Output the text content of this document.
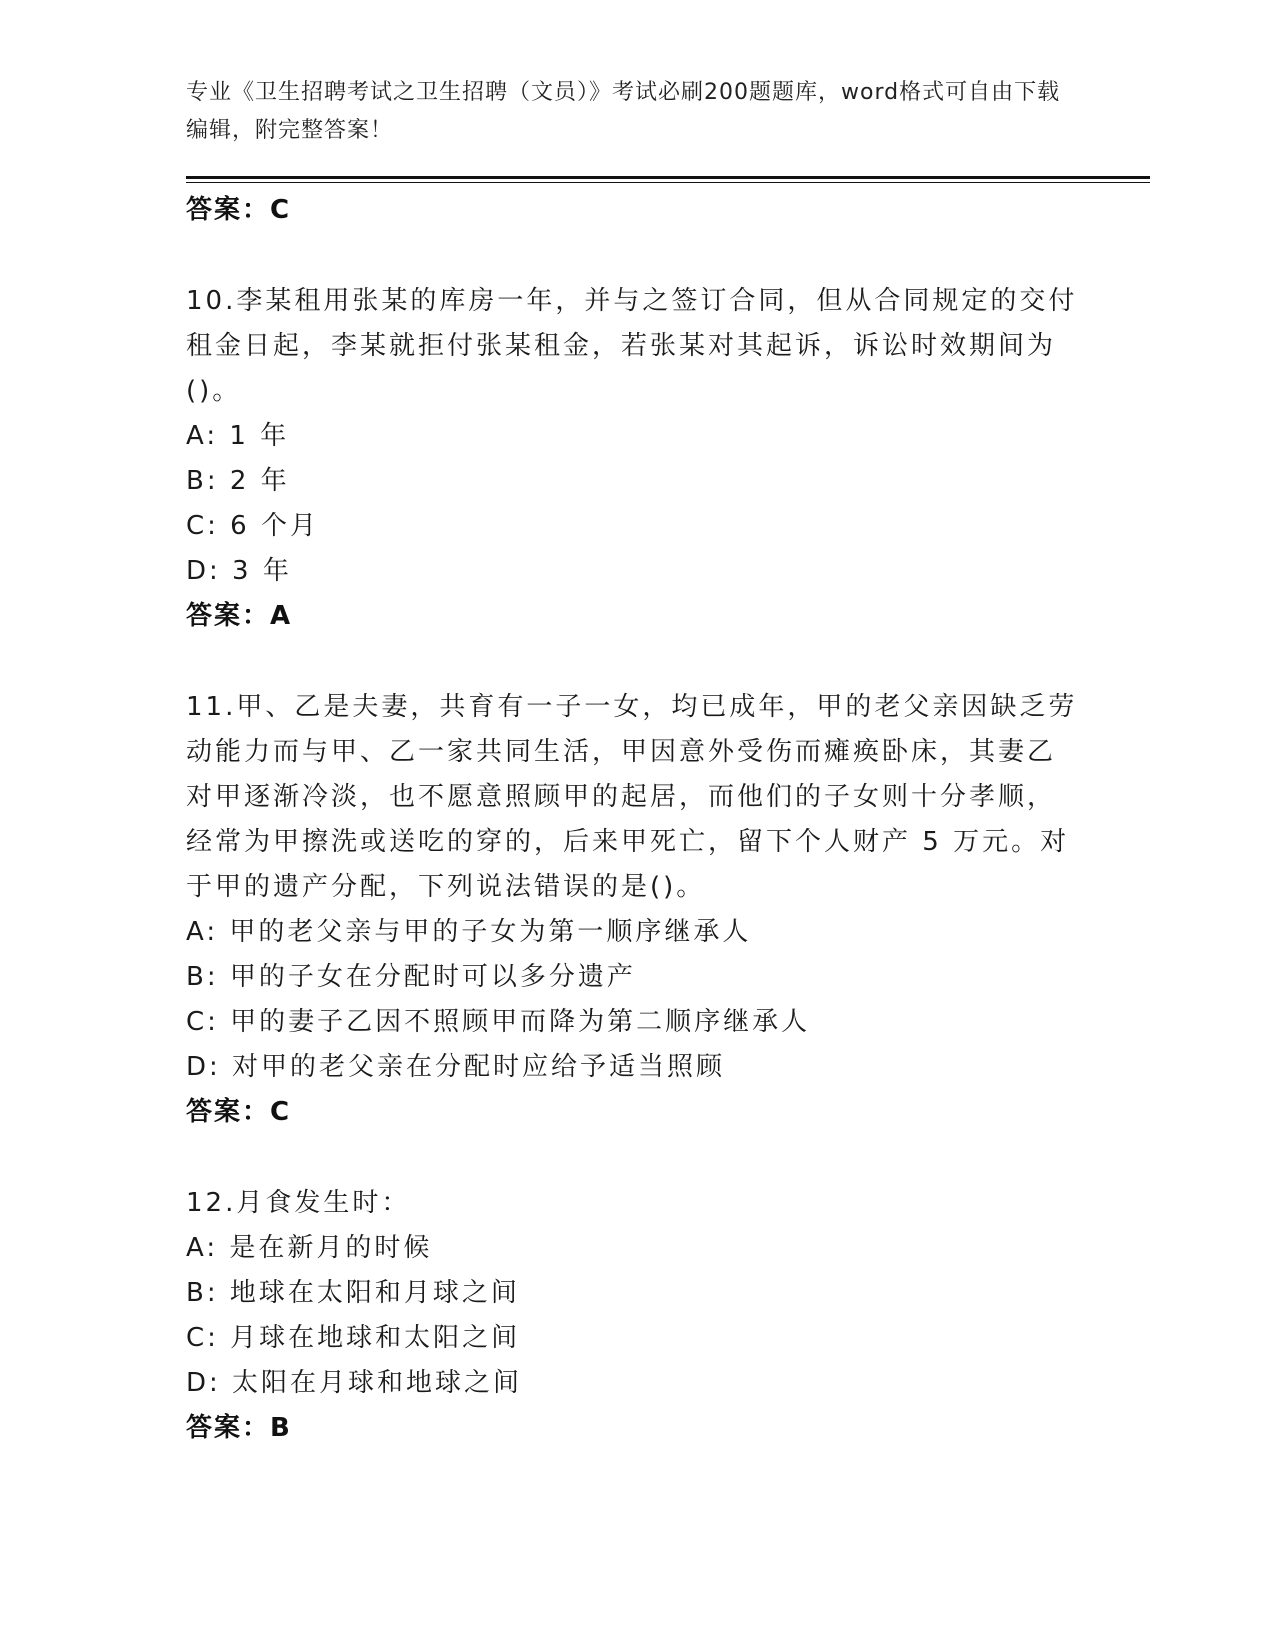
专业《卫生招聘考试之卫生招聘（文员）》考试必刷200题题库，word格式可自由下载编辑，附完整答案！
答案：C
10.李某租用张某的库房一年，并与之签订合同，但从合同规定的交付
租金日起，李某就拒付张某租金，若张某对其起诉，诉讼时效期间为
()。
A: 1 年
B: 2 年
C: 6 个月
D: 3 年
答案：A
11.甲、乙是夫妻，共育有一子一女，均已成年，甲的老父亲因缺乏劳
动能力而与甲、乙一家共同生活，甲因意外受伤而瘫痪卧床，其妻乙
对甲逐渐冷淡，也不愿意照顾甲的起居，而他们的子女则十分孝顺，
经常为甲擦洗或送吃的穿的，后来甲死亡，留下个人财产 5 万元。对
于甲的遗产分配，下列说法错误的是()。
A: 甲的老父亲与甲的子女为第一顺序继承人
B: 甲的子女在分配时可以多分遗产
C: 甲的妻子乙因不照顾甲而降为第二顺序继承人
D: 对甲的老父亲在分配时应给予适当照顾
答案：C
12.月食发生时：
A: 是在新月的时候
B: 地球在太阳和月球之间
C: 月球在地球和太阳之间
D: 太阳在月球和地球之间
答案：B
